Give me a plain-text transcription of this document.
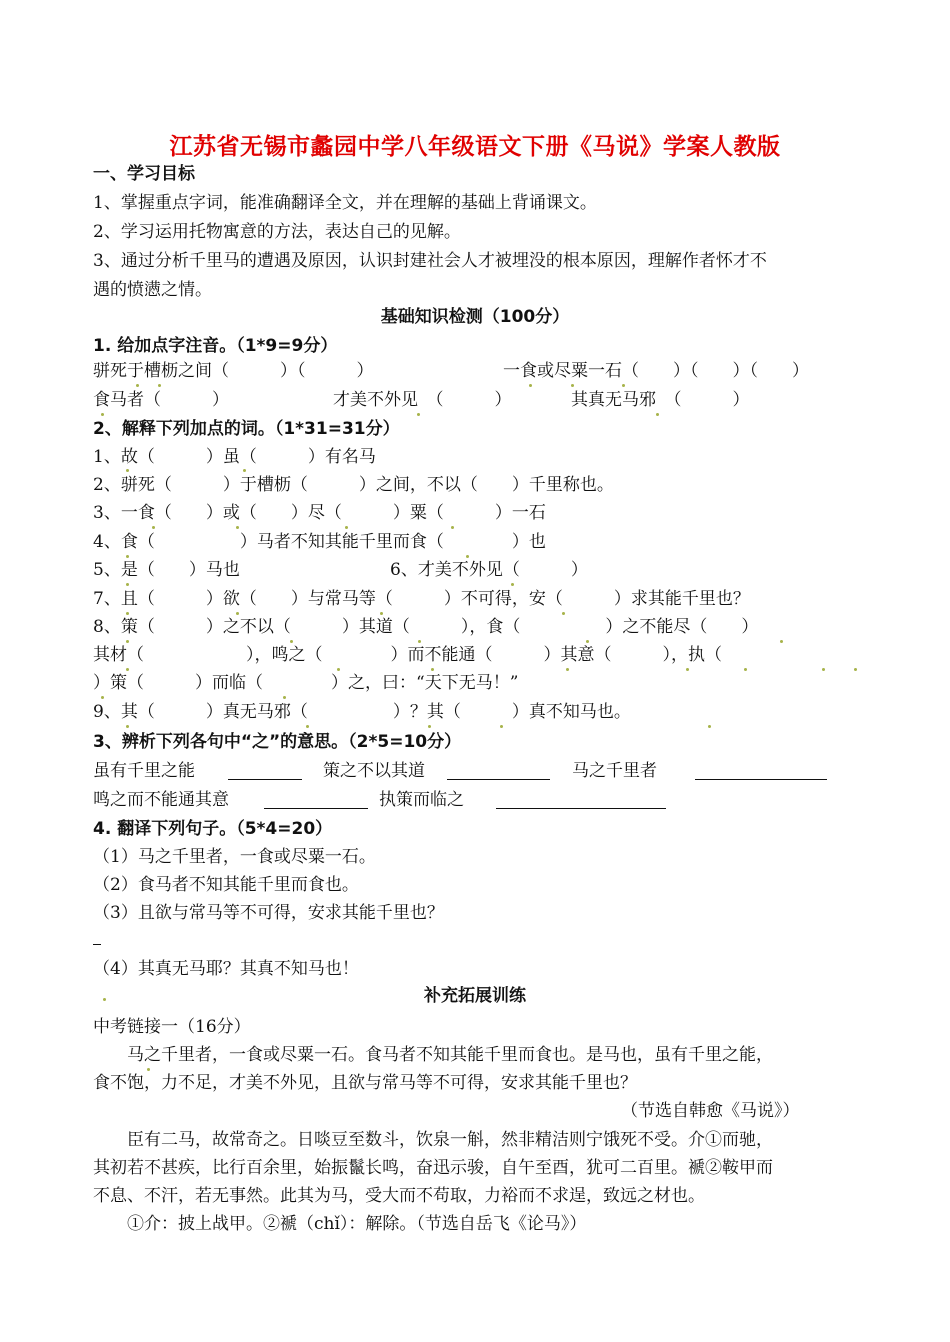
江苏省无锡市蠡园中学八年级语文下册《马说》学案人教版
一、学习目标
1、掌握重点字词，能准确翻译全文，并在理解的基础上背诵课文。
2、学习运用托物寓意的方法，表达自己的见解。
3、通过分析千里马的遭遇及原因，认识封建社会人才被埋没的根本原因，理解作者怀才不
遇的愤懑之情。
基础知识检测（100分）
1. 给加点字注音。（1*9=9分）
骈死于槽枥之间（　　　）（　　　）	一食或尽粟一石（　　）（　　）（　　）
食马者（　　　）	才美不外见　（　　　）	其真无马邪　（　　　）
2、解释下列加点的词。（1*31=31分）
1、故（　　　）虽（　　　）有名马
2、骈死（　　　）于槽枥（　　　）之间，不以（　　）千里称也。
3、一食（　　）或（　　）尽（　　　）粟（　　　）一石
4、食（　　　　　）马者不知其能千里而食（　　　　）也
5、是（　　）马也	6、才美不外见（　　　）
7、且（　　　）欲（　　）与常马等（　　　）不可得，安（　　　）求其能千里也？
8、策（　　　）之不以（　　　）其道（　　　），食（　　　　　）之不能尽（　　）
其材（　　　　　　），鸣之（　　　　）而不能通（　　　）其意（　　　），执（　　
）策（　　　）而临（　　　　）之，曰：“天下无马！”
9、其（　　　）真无马邪（　　　　　）？其（　　　）真不知马也。
3、辨析下列各句中“之”的意思。（2*5=10分）
虽有千里之能	策之不以其道	马之千里者
鸣之而不能通其意	执策而临之
4. 翻译下列句子。（5*4=20）
（1）马之千里者，一食或尽粟一石。
（2）食马者不知其能千里而食也。
（3）且欲与常马等不可得，安求其能千里也？
（4）其真无马耶？其真不知马也！
补充拓展训练
中考链接一（16分）
　　马之千里者，一食或尽粟一石。食马者不知其能千里而食也。是马也，虽有千里之能，
食不饱，力不足，才美不外见，且欲与常马等不可得，安求其能千里也？
（节选自韩愈《马说》）
　　臣有二马，故常奇之。日啖豆至数斗，饮泉一斛，然非精洁则宁饿死不受。介①而驰，
其初若不甚疾，比行百余里，始振鬣长鸣，奋迅示骏，自午至酉，犹可二百里。褫②鞍甲而
不息、不汗，若无事然。此其为马，受大而不苟取，力裕而不求逞，致远之材也。
　　①介：披上战甲。②褫（chǐ）：解除。（节选自岳飞《论马》）
